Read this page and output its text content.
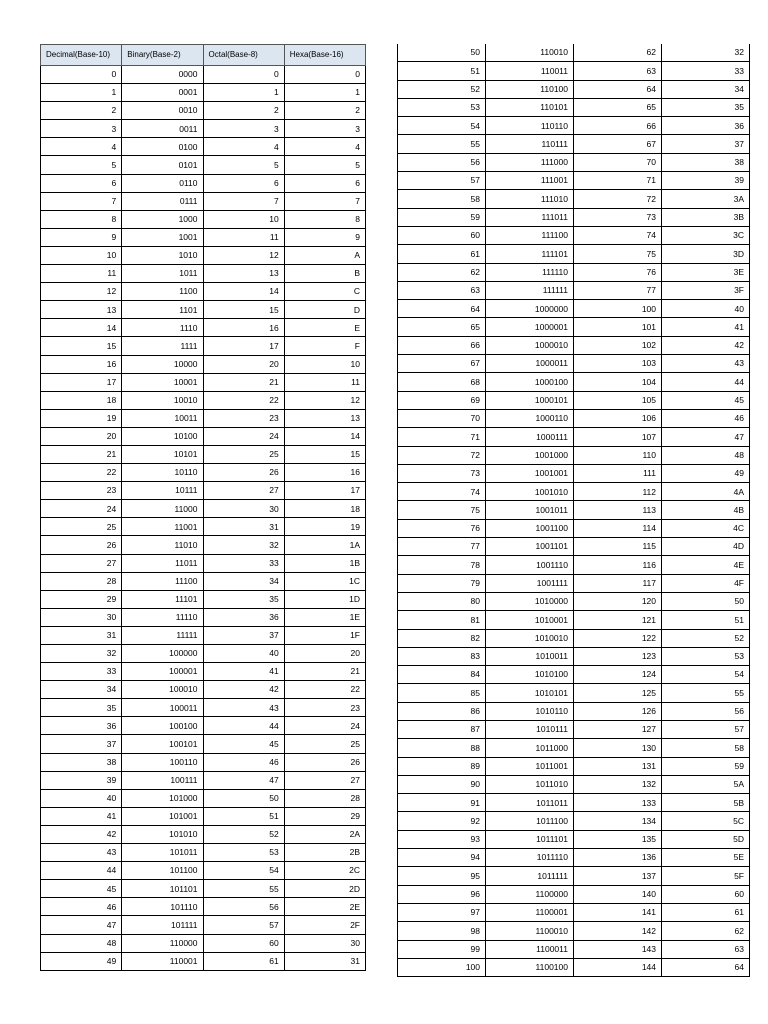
Decimal(Base-10)	Binary(Base-2)	Octal(Base-8)	Hexa(Base-16)
0	0000	0	0
1	0001	1	1
2	0010	2	2
3	0011	3	3
4	0100	4	4
5	0101	5	5
6	0110	6	6
7	0111	7	7
8	1000	10	8
9	1001	11	9
10	1010	12	A
11	1011	13	B
12	1100	14	C
13	1101	15	D
14	1110	16	E
15	1111	17	F
16	10000	20	10
17	10001	21	11
18	10010	22	12
19	10011	23	13
20	10100	24	14
21	10101	25	15
22	10110	26	16
23	10111	27	17
24	11000	30	18
25	11001	31	19
26	11010	32	1A
27	11011	33	1B
28	11100	34	1C
29	11101	35	1D
30	11110	36	1E
31	11111	37	1F
32	100000	40	20
33	100001	41	21
34	100010	42	22
35	100011	43	23
36	100100	44	24
37	100101	45	25
38	100110	46	26
39	100111	47	27
40	101000	50	28
41	101001	51	29
42	101010	52	2A
43	101011	53	2B
44	101100	54	2C
45	101101	55	2D
46	101110	56	2E
47	101111	57	2F
48	110000	60	30
49	110001	61	31
50	110010	62	32
51	110011	63	33
52	110100	64	34
53	110101	65	35
54	110110	66	36
55	110111	67	37
56	111000	70	38
57	111001	71	39
58	111010	72	3A
59	111011	73	3B
60	111100	74	3C
61	111101	75	3D
62	111110	76	3E
63	111111	77	3F
64	1000000	100	40
65	1000001	101	41
66	1000010	102	42
67	1000011	103	43
68	1000100	104	44
69	1000101	105	45
70	1000110	106	46
71	1000111	107	47
72	1001000	110	48
73	1001001	111	49
74	1001010	112	4A
75	1001011	113	4B
76	1001100	114	4C
77	1001101	115	4D
78	1001110	116	4E
79	1001111	117	4F
80	1010000	120	50
81	1010001	121	51
82	1010010	122	52
83	1010011	123	53
84	1010100	124	54
85	1010101	125	55
86	1010110	126	56
87	1010111	127	57
88	1011000	130	58
89	1011001	131	59
90	1011010	132	5A
91	1011011	133	5B
92	1011100	134	5C
93	1011101	135	5D
94	1011110	136	5E
95	1011111	137	5F
96	1100000	140	60
97	1100001	141	61
98	1100010	142	62
99	1100011	143	63
100	1100100	144	64
